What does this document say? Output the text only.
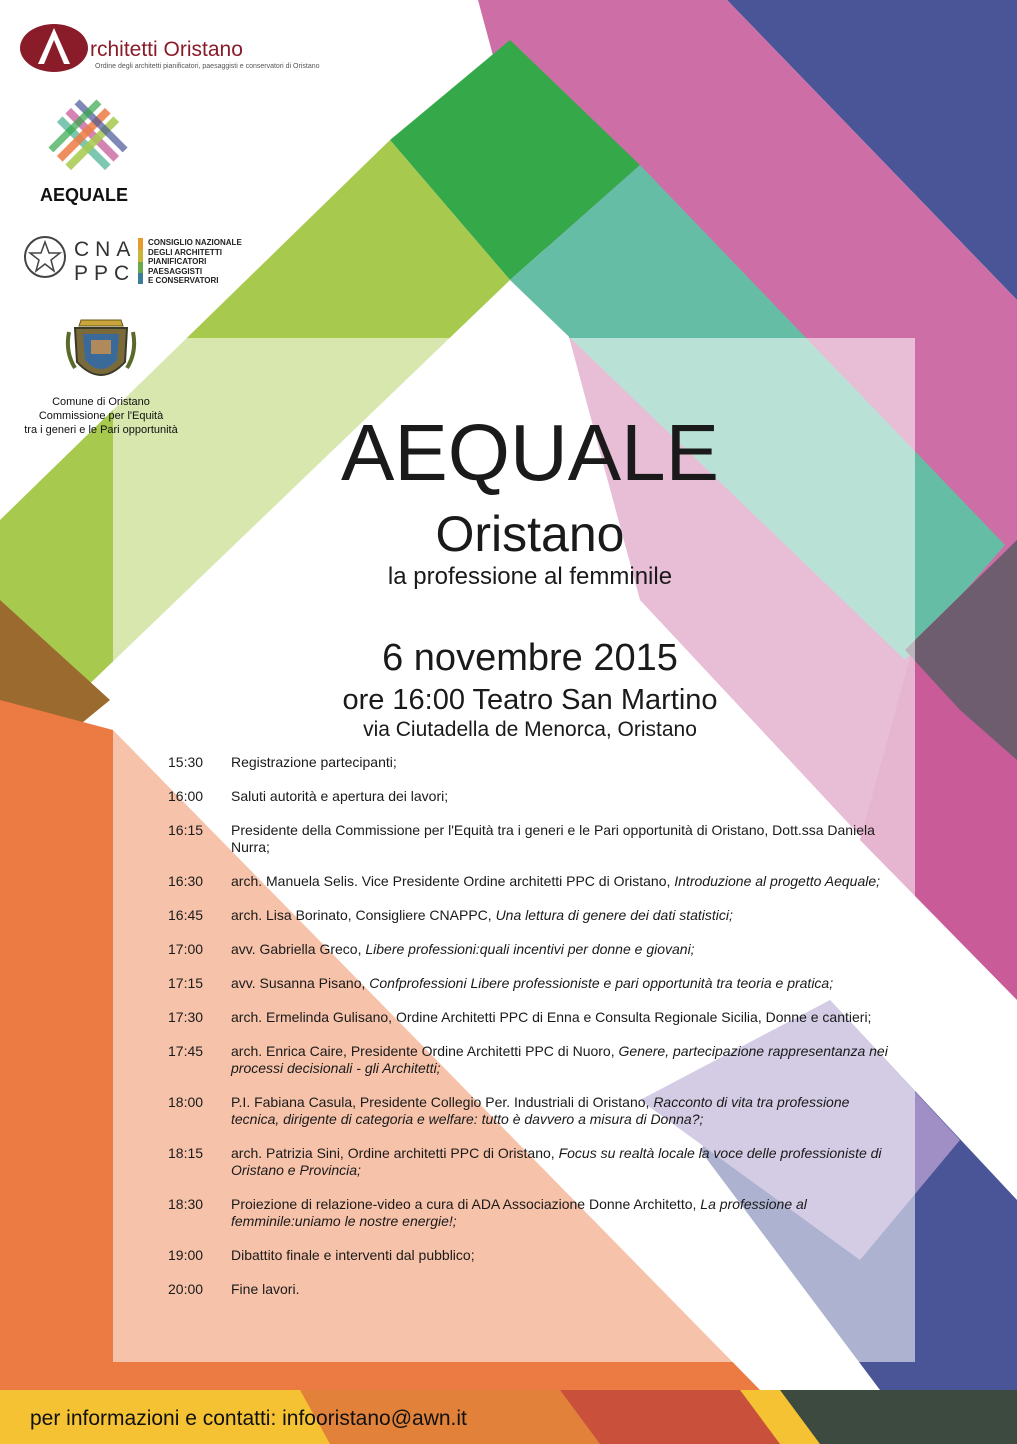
rchitetti Oristano
Ordine degli architetti pianificatori, paesaggisti e conservatori di Oristano
AEQUALE
CNA PPC
CONSIGLIO NAZIONALE
DEGLI ARCHITETTI
PIANIFICATORI
PAESAGGISTI
E CONSERVATORI
Comune di Oristano
Commissione per l'Equità
tra i generi e le Pari opportunità	AEQUALE
Oristano
la professione al femminile
6 novembre 2015
ore 16:00 Teatro San Martino
via Ciutadella de Menorca, Oristano
15:30	Registrazione partecipanti;
16:00	Saluti autorità e apertura dei lavori;
16:15	Presidente della Commissione per l'Equità tra i generi e le Pari opportunità di Oristano, Dott.ssa Daniela Nurra;
16:30	arch. Manuela Selis. Vice Presidente Ordine architetti PPC di Oristano, Introduzione al progetto Aequale;
16:45	arch. Lisa Borinato, Consigliere CNAPPC, Una lettura di genere dei dati statistici;
17:00	avv. Gabriella Greco, Libere professioni:quali incentivi per donne e giovani;
17:15	avv. Susanna Pisano, Confprofessioni Libere professioniste e pari opportunità tra teoria e pratica;
17:30	arch. Ermelinda Gulisano, Ordine Architetti PPC di Enna e Consulta Regionale Sicilia, Donne e cantieri;
17:45	arch. Enrica Caire, Presidente Ordine Architetti PPC di Nuoro, Genere, partecipazione rappresentanza nei processi decisionali - gli Architetti;
18:00	P.I. Fabiana Casula, Presidente Collegio Per. Industriali di Oristano, Racconto di vita tra professione tecnica, dirigente di categoria e welfare: tutto è davvero a misura di Donna?;
18:15	arch. Patrizia Sini, Ordine architetti PPC di Oristano, Focus su realtà locale la voce delle professioniste di Oristano e Provincia;
18:30	Proiezione di relazione-video a cura di ADA Associazione Donne Architetto, La professione al femminile:uniamo le nostre energie!;
19:00	Dibattito finale e interventi dal pubblico;
20:00	Fine lavori.
per informazioni e contatti: infooristano@awn.it
